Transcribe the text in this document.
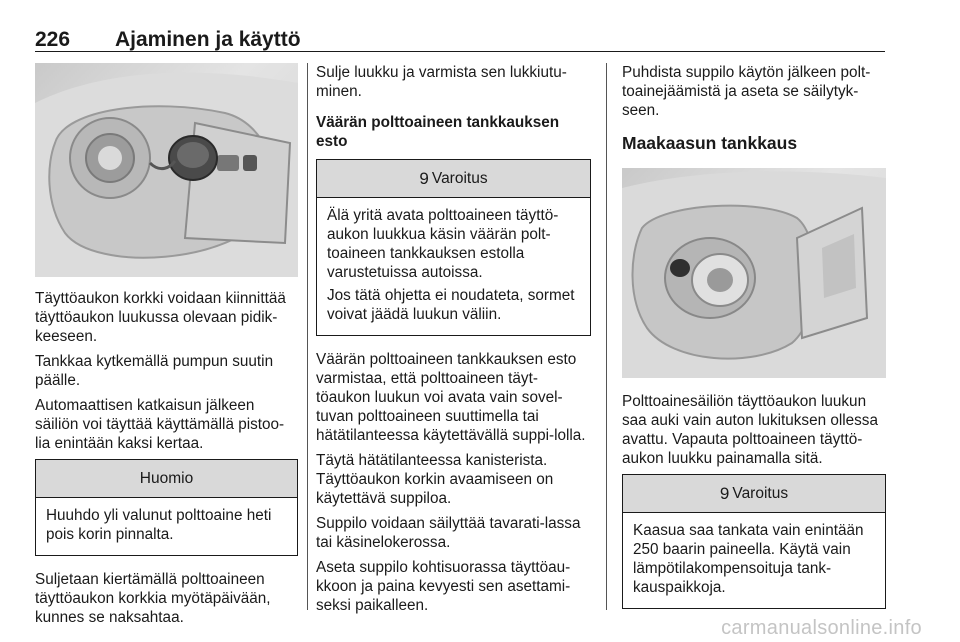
226 Ajaminen ja käyttö

Täyttöaukon korkki voidaan kiinnittää täyttöaukon luukussa olevaan pidik-keeseen.

Tankkaa kytkemällä pumpun suutin päälle.

Automaattisen katkaisun jälkeen säiliön voi täyttää käyttämällä pistoo-lia enintään kaksi kertaa.

Huomio

Huuhdo yli valunut polttoaine heti pois korin pinnalta.

Suljetaan kiertämällä polttoaineen täyttöaukon korkkia myötäpäivään, kunnes se naksahtaa.

Sulje luukku ja varmista sen lukkiutu-minen.

Väärän polttoaineen tankkauksen esto
9 Varoitus

Älä yritä avata polttoaineen täyttö-aukon luukkua käsin väärän polt-toaineen tankkauksen estolla varustetuissa autoissa.

Jos tätä ohjetta ei noudateta, sormet voivat jäädä luukun väliin.

Väärän polttoaineen tankkauksen esto varmistaa, että polttoaineen täyt-töaukon luukun voi avata vain sovel-tuvan polttoaineen suuttimella tai hätätilanteessa käytettävällä suppi-lolla.

Täytä hätätilanteessa kanisterista. Täyttöaukon korkin avaamiseen on käytettävä suppiloa.

Suppilo voidaan säilyttää tavarati-lassa tai käsinelokerossa.

Aseta suppilo kohtisuorassa täyttöau-kkoon ja paina kevyesti sen asettami-seksi paikalleen.

Puhdista suppilo käytön jälkeen polt-toainejäämistä ja aseta se säilytyk-seen.

Maakaasun tankkaus

Polttoainesäiliön täyttöaukon luukun saa auki vain auton lukituksen ollessa avattu. Vapauta polttoaineen täyttö-aukon luukku painamalla sitä.

9 Varoitus

Kaasua saa tankata vain enintään 250 baarin paineella. Käytä vain lämpötilakompensoituja tank-kauspaikkoja.

carmanualsonline.info
